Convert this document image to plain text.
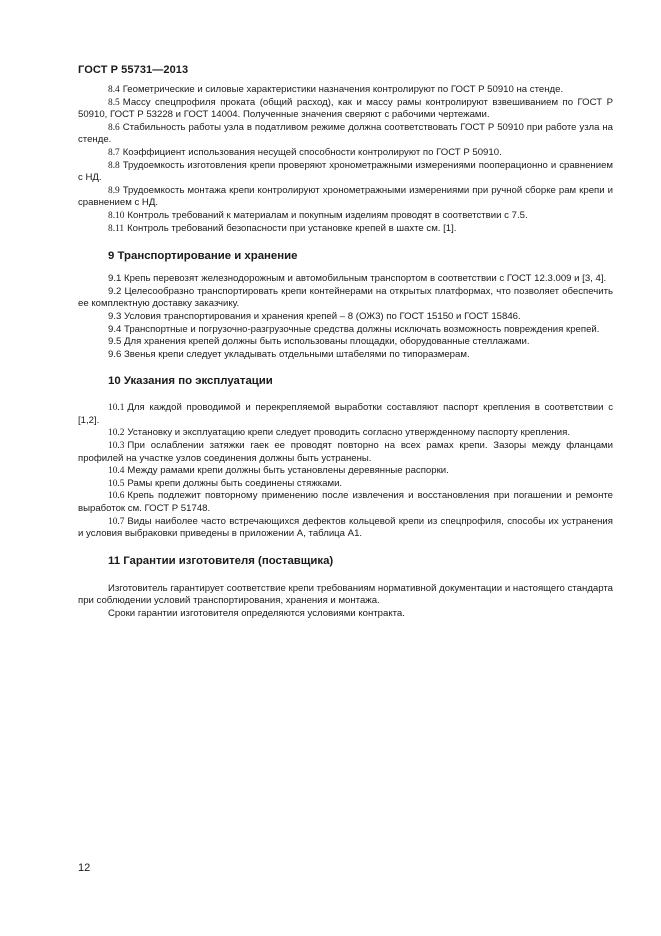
ГОСТ Р 55731—2013

8.4 Геометрические и силовые характеристики назначения контролируют по ГОСТ Р 50910 на стенде.

8.5 Массу спецпрофиля проката (общий расход), как и массу рамы контролируют взвешиванием по ГОСТ Р 50910, ГОСТ Р 53228 и ГОСТ 14004. Полученные значения сверяют с рабочими чертежами.

8.6 Стабильность работы узла в податливом режиме должна соответствовать ГОСТ Р 50910 при работе узла на стенде.

8.7 Коэффициент использования несущей способности контролируют по ГОСТ Р 50910.

8.8 Трудоемкость изготовления крепи проверяют хронометражными измерениями пооперационно и сравнением с НД.

8.9 Трудоемкость монтажа крепи контролируют хронометражными измерениями при ручной сборке рам крепи и сравнением с НД.

8.10 Контроль требований к материалам и покупным изделиям проводят в соответствии с 7.5.

8.11 Контроль требований безопасности при установке крепей в шахте см. [1].

9 Транспортирование и хранение

9.1 Крепь перевозят железнодорожным и автомобильным транспортом в соответствии с ГОСТ 12.3.009 и [3, 4].

9.2 Целесообразно транспортировать крепи контейнерами на открытых платформах, что позволяет обеспечить ее комплектную доставку заказчику.

9.3 Условия транспортирования и хранения крепей – 8 (ОЖ3) по ГОСТ 15150 и ГОСТ 15846.

9.4 Транспортные и погрузочно-разгрузочные средства должны исключать возможность повреждения крепей.

9.5 Для хранения крепей должны быть использованы площадки, оборудованные стеллажами.

9.6 Звенья крепи следует укладывать отдельными штабелями по типоразмерам.

10 Указания по эксплуатации

10.1 Для каждой проводимой и перекрепляемой выработки составляют паспорт крепления в соответствии с [1,2].

10.2 Установку и эксплуатацию крепи следует проводить согласно утвержденному паспорту крепления.

10.3 При ослаблении затяжки гаек ее проводят повторно на всех рамах крепи. Зазоры между фланцами профилей на участке узлов соединения должны быть устранены.

10.4 Между рамами крепи должны быть установлены деревянные распорки.

10.5 Рамы крепи должны быть соединены стяжками.

10.6 Крепь подлежит повторному применению после извлечения и восстановления при погашении и ремонте выработок см. ГОСТ Р 51748.

10.7 Виды наиболее часто встречающихся дефектов кольцевой крепи из спецпрофиля, способы их устранения и условия выбраковки приведены в приложении А, таблица А1.

11 Гарантии изготовителя (поставщика)

Изготовитель гарантирует соответствие крепи требованиям нормативной документации и настоящего стандарта при соблюдении условий транспортирования, хранения и монтажа.

Сроки гарантии изготовителя определяются условиями контракта.

12
